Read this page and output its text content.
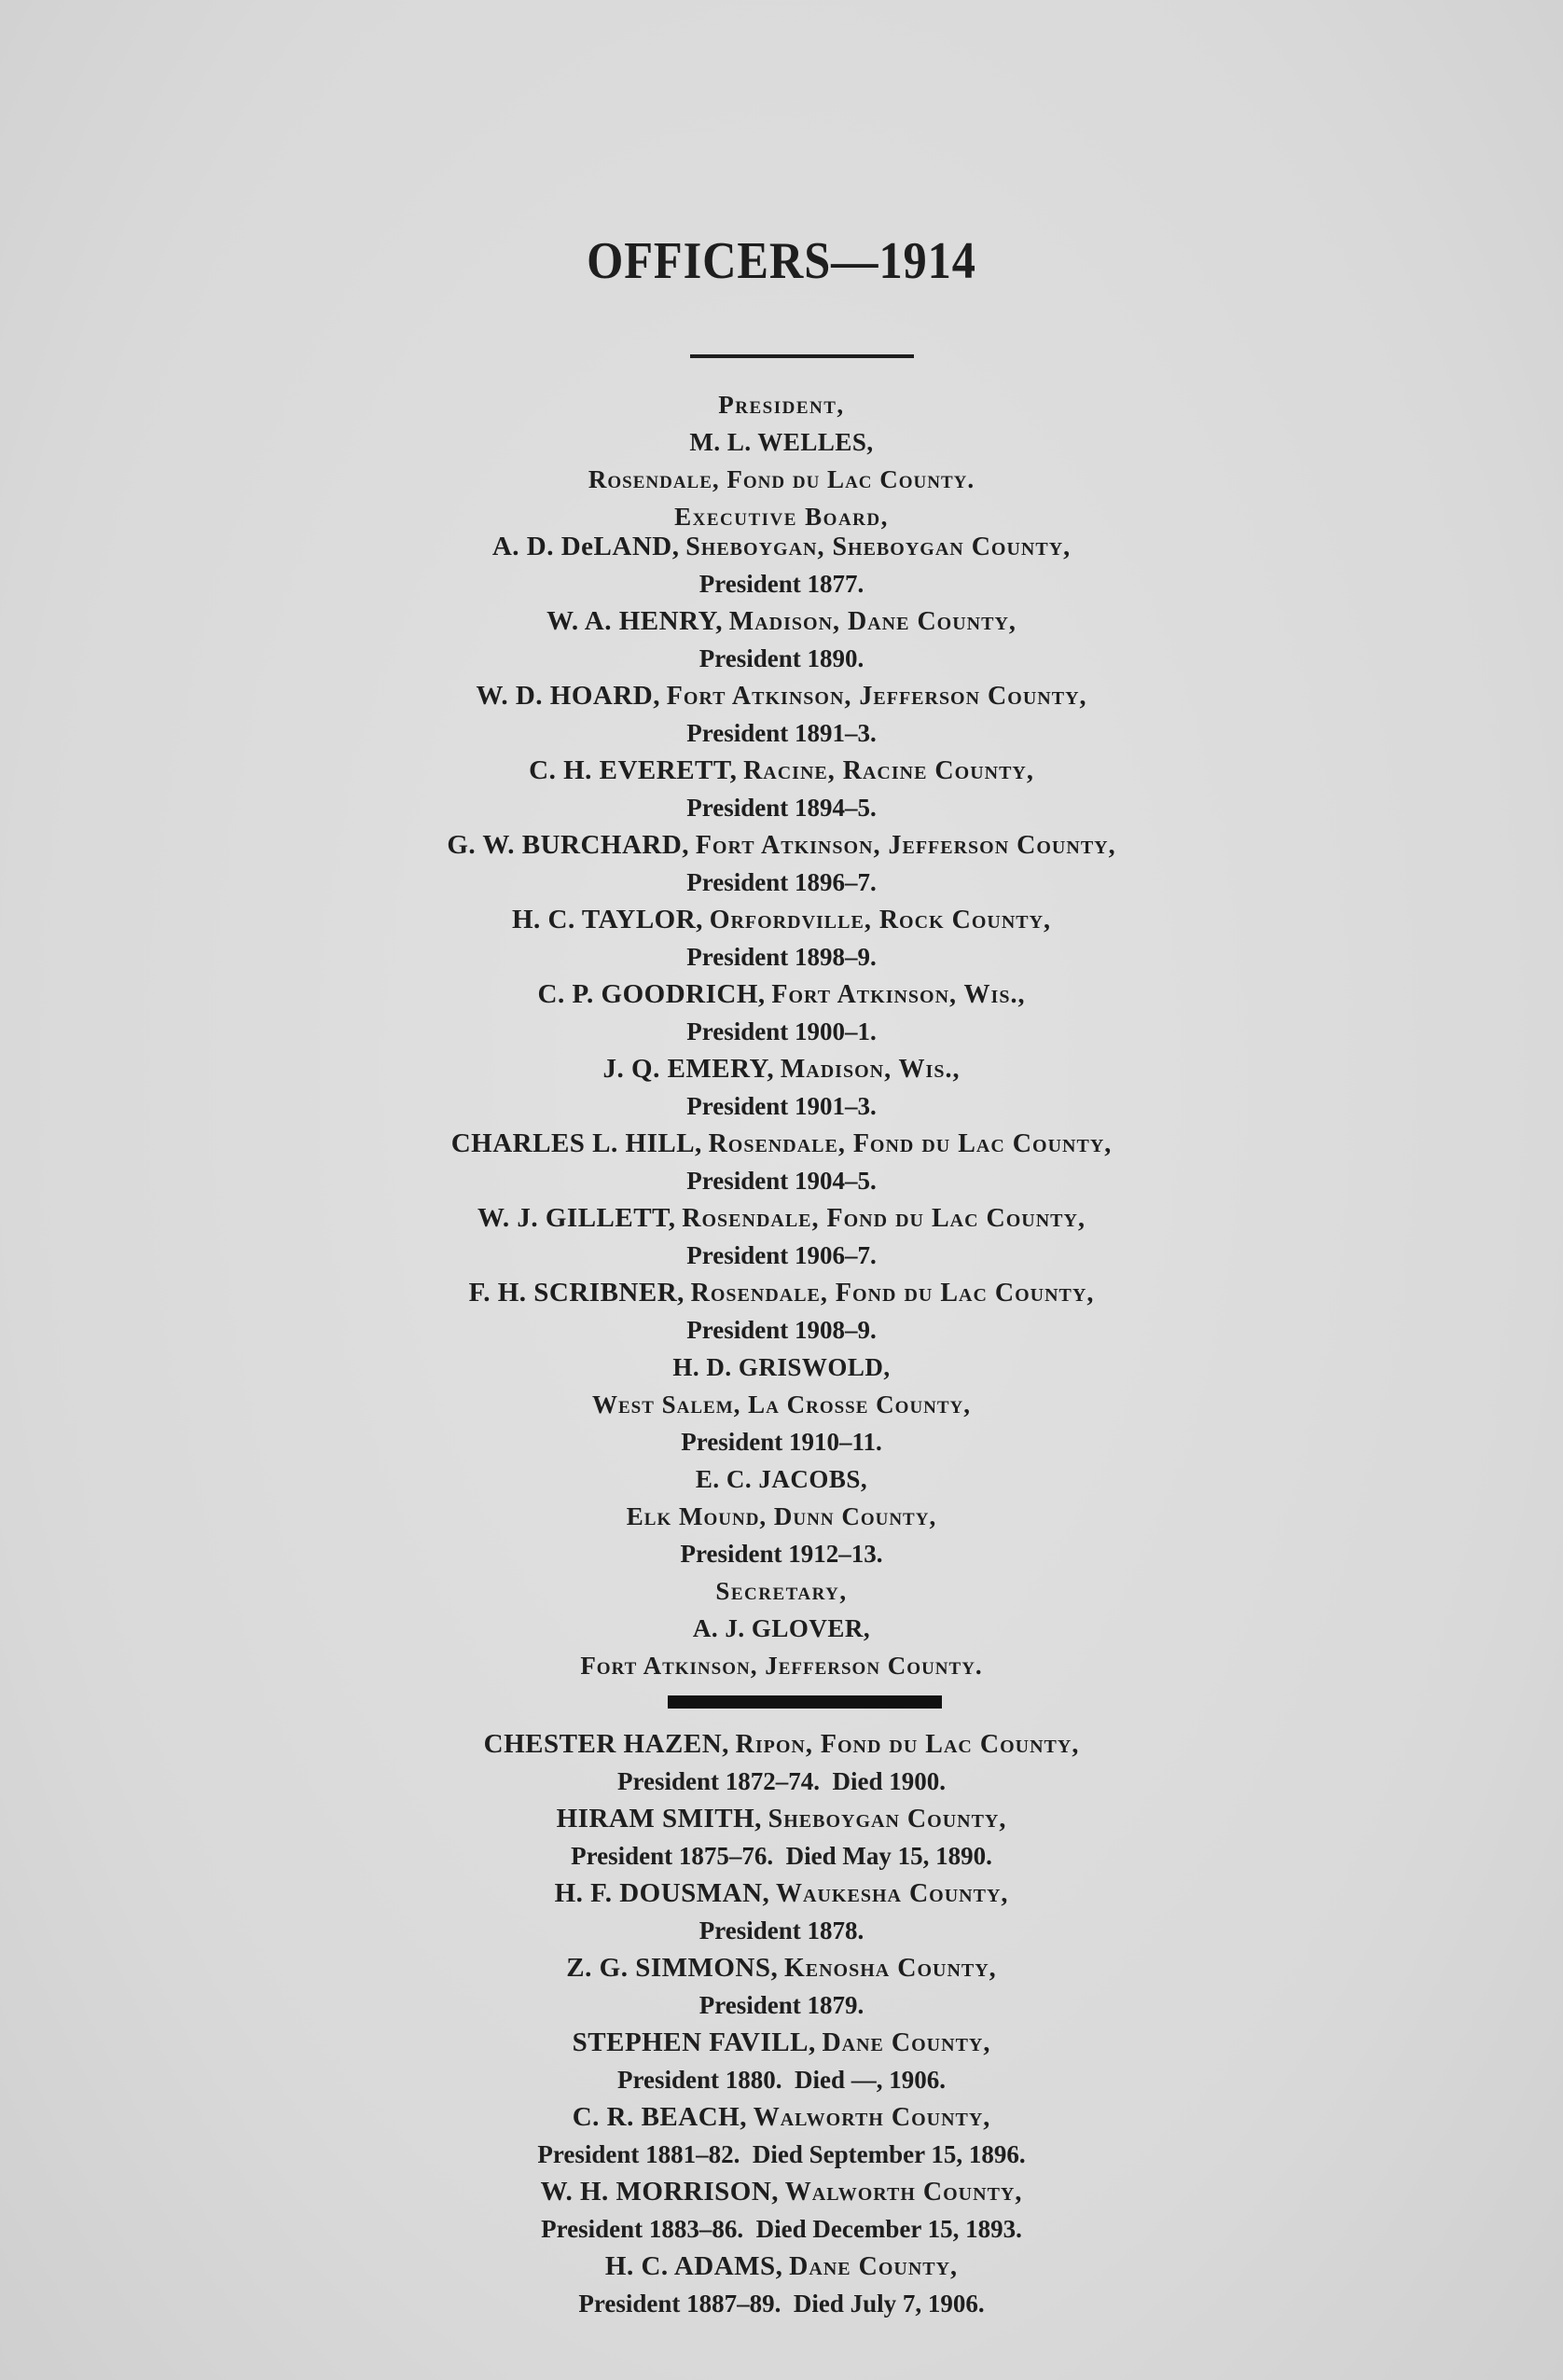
OFFICERS—1914
President,
M. L. WELLES,
Rosendale, Fond du Lac County.
Executive Board,
A. D. DeLAND, Sheboygan, Sheboygan County,
President 1877.
W. A. HENRY, Madison, Dane County,
President 1890.
W. D. HOARD, Fort Atkinson, Jefferson County,
President 1891–3.
C. H. EVERETT, Racine, Racine County,
President 1894–5.
G. W. BURCHARD, Fort Atkinson, Jefferson County,
President 1896–7.
H. C. TAYLOR, Orfordville, Rock County,
President 1898–9.
C. P. GOODRICH, Fort Atkinson, Wis.,
President 1900–1.
J. Q. EMERY, Madison, Wis.,
President 1901–3.
CHARLES L. HILL, Rosendale, Fond du Lac County,
President 1904–5.
W. J. GILLETT, Rosendale, Fond du Lac County,
President 1906–7.
F. H. SCRIBNER, Rosendale, Fond du Lac County,
President 1908–9.
H. D. GRISWOLD,
West Salem, La Crosse County,
President 1910–11.
E. C. JACOBS,
Elk Mound, Dunn County,
President 1912–13.
Secretary,
A. J. GLOVER,
Fort Atkinson, Jefferson County.
CHESTER HAZEN, Ripon, Fond du Lac County,
President 1872–74.  Died 1900.
HIRAM SMITH, Sheboygan County,
President 1875–76.  Died May 15, 1890.
H. F. DOUSMAN, Waukesha County,
President 1878.
Z. G. SIMMONS, Kenosha County,
President 1879.
STEPHEN FAVILL, Dane County,
President 1880.  Died —, 1906.
C. R. BEACH, Walworth County,
President 1881–82.  Died September 15, 1896.
W. H. MORRISON, Walworth County,
President 1883–86.  Died December 15, 1893.
H. C. ADAMS, Dane County,
President 1887–89.  Died July 7, 1906.
